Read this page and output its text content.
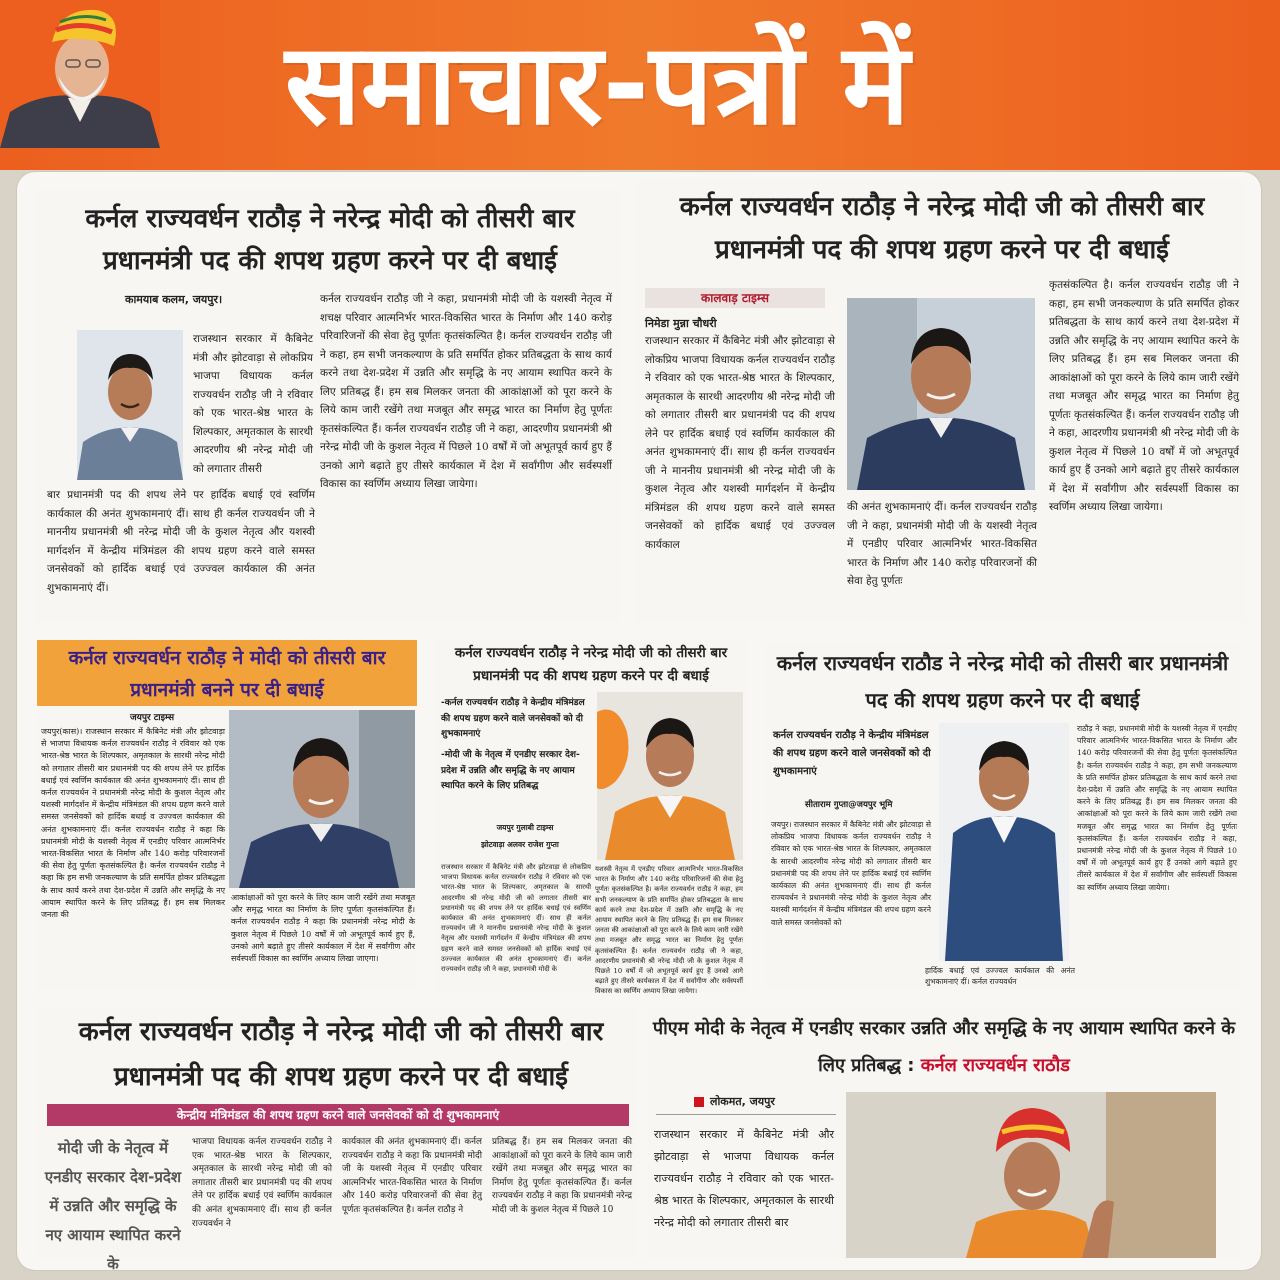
समाचार-पत्रों में
कर्नल राज्यवर्धन राठौड़ ने नरेन्द्र मोदी को तीसरी बार प्रधानमंत्री पद की शपथ ग्रहण करने पर दी बधाई
कामयाब कलम, जयपुर।
राजस्थान सरकार में कैबिनेट मंत्री और झोटवाड़ा से लोकप्रिय भाजपा विधायक कर्नल राज्यवर्धन राठौड़ जी ने रविवार को एक भारत-श्रेष्ठ भारत के शिल्पकार, अमृतकाल के सारथी आदरणीय श्री नरेन्द्र मोदी जी को लगातार तीसरी
बार प्रधानमंत्री पद की शपथ लेने पर हार्दिक बधाई एवं स्वर्णिम कार्यकाल की अनंत शुभकामनाएं दीं। साथ ही कर्नल राज्यवर्धन जी ने माननीय प्रधानमंत्री श्री नरेन्द्र मोदी जी के कुशल नेतृत्व और यशस्वी मार्गदर्शन में केन्द्रीय मंत्रिमंडल की शपथ ग्रहण करने वाले समस्त जनसेवकों को हार्दिक बधाई एवं उज्ज्वल कार्यकाल की अनंत शुभकामनाएं दीं।
कर्नल राज्यवर्धन राठौड़ जी ने कहा, प्रधानमंत्री मोदी जी के यशस्वी नेतृत्व में शचक्ष परिवार आत्मनिर्भर भारत-विकसित भारत के निर्माण और 140 करोड़ परिवारिजनों की सेवा हेतु पूर्णतः कृतसंकल्पित है। कर्नल राज्यवर्धन राठौड़ जी ने कहा, हम सभी जनकल्याण के प्रति समर्पित होकर प्रतिबद्धता के साथ कार्य करने तथा देश-प्रदेश में उन्नति और समृद्धि के नए आयाम स्थापित करने के लिए प्रतिबद्ध हैं। हम सब मिलकर जनता की आकांक्षाओं को पूरा करने के लिये काम जारी रखेंगे तथा मजबूत और समृद्ध भारत का निर्माण हेतु पूर्णतः कृतसंकल्पित हैं। कर्नल राज्यवर्धन राठौड़ जी ने कहा, आदरणीय प्रधानमंत्री श्री नरेन्द्र मोदी जी के कुशल नेतृत्व में पिछले 10 वर्षों में जो अभूतपूर्व कार्य हुए हैं उनको आगे बढ़ाते हुए तीसरे कार्यकाल में देश में सर्वांगीण और सर्वस्पर्शी विकास का स्वर्णिम अध्याय लिखा जायेगा।
कर्नल राज्यवर्धन राठौड़ ने नरेन्द्र मोदी जी को तीसरी बार प्रधानमंत्री पद की शपथ ग्रहण करने पर दी बधाई
कालवाड़ टाइम्स
निमेडा मुन्ना चौधरी
राजस्थान सरकार में कैबिनेट मंत्री और झोटवाड़ा से लोकप्रिय भाजपा विधायक कर्नल राज्यवर्धन राठौड़ ने रविवार को एक भारत-श्रेष्ठ भारत के शिल्पकार, अमृतकाल के सारथी आदरणीय श्री नरेन्द्र मोदी जी को लगातार तीसरी बार प्रधानमंत्री पद की शपथ लेने पर हार्दिक बधाई एवं स्वर्णिम कार्यकाल की अनंत शुभकामनाएं दीं। साथ ही कर्नल राज्यवर्धन जी ने माननीय प्रधानमंत्री श्री नरेन्द्र मोदी जी के कुशल नेतृत्व और यशस्वी मार्गदर्शन में केन्द्रीय मंत्रिमंडल की शपथ ग्रहण करने वाले समस्त जनसेवकों को हार्दिक बधाई एवं उज्ज्वल कार्यकाल
की अनंत शुभकामनाएं दीं। कर्नल राज्यवर्धन राठौड़ जी ने कहा, प्रधानमंत्री मोदी जी के यशस्वी नेतृत्व में एनडीए परिवार आत्मनिर्भर भारत-विकसित भारत के निर्माण और 140 करोड़ परिवारजनों की सेवा हेतु पूर्णतः
कृतसंकल्पित है। कर्नल राज्यवर्धन राठौड़ जी ने कहा, हम सभी जनकल्याण के प्रति समर्पित होकर प्रतिबद्धता के साथ कार्य करने तथा देश-प्रदेश में उन्नति और समृद्धि के नए आयाम स्थापित करने के लिए प्रतिबद्ध हैं। हम सब मिलकर जनता की आकांक्षाओं को पूरा करने के लिये काम जारी रखेंगे तथा मजबूत और समृद्ध भारत का निर्माण हेतु पूर्णतः कृतसंकल्पित हैं। कर्नल राज्यवर्धन राठौड़ जी ने कहा, आदरणीय प्रधानमंत्री श्री नरेन्द्र मोदी जी के कुशल नेतृत्व में पिछले 10 वर्षों में जो अभूतपूर्व कार्य हुए हैं उनको आगे बढ़ाते हुए तीसरे कार्यकाल में देश में सर्वांगीण और सर्वस्पर्शी विकास का स्वर्णिम अध्याय लिखा जायेगा।
कर्नल राज्यवर्धन राठौड़ ने मोदी को तीसरी बार प्रधानमंत्री बनने पर दी बधाई
जयपुर टाइम्स
जयपुर(कास)। राजस्थान सरकार में कैबिनेट मंत्री और झोटवाड़ा से भाजपा विधायक कर्नल राज्यवर्धन राठौड़ ने रविवार को एक भारत-श्रेष्ठ भारत के शिल्पकार, अमृतकाल के सारथी नरेन्द्र मोदी को लगातार तीसरी बार प्रधानमंत्री पद की शपथ लेने पर हार्दिक बधाई एवं स्वर्णिम कार्यकाल की अनंत शुभकामनाएं दीं। साथ ही कर्नल राज्यवर्धन ने प्रधानमंत्री नरेन्द्र मोदी के कुशल नेतृत्व और यशस्वी मार्गदर्शन में केन्द्रीय मंत्रिमंडल की शपथ ग्रहण करने वाले समस्त जनसेवकों को हार्दिक बधाई व उज्ज्वल कार्यकाल की अनंत शुभकामनाएं दीं। कर्नल राज्यवर्धन राठौड़ ने कहा कि प्रधानमंत्री मोदी के यशस्वी नेतृत्व में एनडीए परिवार आत्मनिर्भर भारत-विकसित भारत के निर्माण और 140 करोड़ परिवारजनों की सेवा हेतु पूर्णतः कृतसंकल्पित है। कर्नल राज्यवर्धन राठौड़ ने कहा कि हम सभी जनकल्याण के प्रति समर्पित होकर प्रतिबद्धता के साथ कार्य करने तथा देश-प्रदेश में उन्नति और समृद्धि के नए आयाम स्थापित करने के लिए प्रतिबद्ध हैं। हम सब मिलकर जनता की
आकांक्षाओं को पूरा करने के लिए काम जारी रखेंगे तथा मजबूत और समृद्ध भारत का निर्माण के लिए पूर्णतः कृतसंकल्पित हैं। कर्नल राज्यवर्धन राठौड़ ने कहा कि प्रधानमंत्री नरेन्द्र मोदी के कुशल नेतृत्व में पिछले 10 वर्षों में जो अभूतपूर्व कार्य हुए हैं, उनको आगे बढ़ाते हुए तीसरे कार्यकाल में देश में सर्वांगीण और सर्वस्पर्शी विकास का स्वर्णिम अध्याय लिखा जाएगा।
कर्नल राज्यवर्धन राठौड़ ने नरेन्द्र मोदी जी को तीसरी बार प्रधानमंत्री पद की शपथ ग्रहण करने पर दी बधाई
-कर्नल राज्यवर्धन राठौड़ ने केन्द्रीय मंत्रिमंडल की शपथ ग्रहण करने वाले जनसेवकों को दी शुभकामनाएं
-मोदी जी के नेतृत्व में एनडीए सरकार देश-प्रदेश में उन्नति और समृद्धि के नए आयाम स्थापित करने के लिए प्रतिबद्ध
जयपुर गुलाबी टाइम्स
झोटवाड़ा अलवर राजेश गुप्ता
राजस्थान सरकार में कैबिनेट मंत्री और झोटवाड़ा से लोकप्रिय भाजपा विधायक कर्नल राज्यवर्धन राठौड़ ने रविवार को एक भारत-श्रेष्ठ भारत के शिल्पकार, अमृतकाल के सारथी आदरणीय श्री नरेन्द्र मोदी जी को लगातार तीसरी बार प्रधानमंत्री पद की शपथ लेने पर हार्दिक बधाई एवं स्वर्णिम कार्यकाल की अनंत शुभकामनाएं दीं। साथ ही कर्नल राज्यवर्धन जी ने माननीय प्रधानमंत्री नरेन्द्र मोदी के कुशल नेतृत्व और यशस्वी मार्गदर्शन में केन्द्रीय मंत्रिमंडल की शपथ ग्रहण करने वाले समस्त जनसेवकों को हार्दिक बधाई एवं उज्ज्वल कार्यकाल की अनंत शुभकामनाएं दीं। कर्नल राज्यवर्धन राठौड़ जी ने कहा, प्रधानमंत्री मोदी के
यशस्वी नेतृत्व में एनडीए परिवार आत्मनिर्भर भारत-विकसित भारत के निर्माण और 140 करोड़ परिवारिजनों की सेवा हेतु पूर्णतः कृतसंकल्पित है। कर्नल राज्यवर्धन राठौड़ ने कहा, हम सभी जनकल्याण के प्रति समर्पित होकर प्रतिबद्धता के साथ कार्य करने तथा देश-प्रदेश में उन्नति और समृद्धि के नए आयाम स्थापित करने के लिए प्रतिबद्ध हैं। हम सब मिलकर जनता की आकांक्षाओं को पूरा करने के लिये काम जारी रखेंगे तथा मजबूत और समृद्ध भारत का निर्माण हेतु पूर्णतः कृतसंकल्पित हैं। कर्नल राज्यवर्धन राठौड़ जी ने कहा, आदरणीय प्रधानमंत्री श्री नरेन्द्र मोदी जी के कुशल नेतृत्व में पिछले 10 वर्षों में जो अभूतपूर्व कार्य हुए हैं उनको आगे बढ़ाते हुए तीसरे कार्यकाल में देश में सर्वांगीण और सर्वस्पर्शी विकास का स्वर्णिम अध्याय लिखा जायेगा।
कर्नल राज्यवर्धन राठौड ने नरेन्द्र मोदी को तीसरी बार प्रधानमंत्री पद की शपथ ग्रहण करने पर दी बधाई
कर्नल राज्यवर्धन राठौड़ ने केन्द्रीय मंत्रिमंडल की शपथ ग्रहण करने वाले जनसेवकों को दी शुभकामनाएं
सीताराम गुप्ता@जयपुर भूमि
जयपुर। राजस्थान सरकार में कैबिनेट मंत्री और झोटवाड़ा से लोकप्रिय भाजपा विधायक कर्नल राज्यवर्धन राठौड़ ने रविवार को एक भारत-श्रेष्ठ भारत के शिल्पकार, अमृतकाल के सारथी आदरणीय नरेन्द्र मोदी को लगातार तीसरी बार प्रधानमंत्री पद की शपथ लेने पर हार्दिक बधाई एवं स्वर्णिम कार्यकाल की अनंत शुभकामनाएं दीं। साथ ही कर्नल राज्यवर्धन ने प्रधानमंत्री नरेन्द्र मोदी के कुशल नेतृत्व और यशस्वी मार्गदर्शन में केन्द्रीय मंत्रिमंडल की शपथ ग्रहण करने वाले समस्त जनसेवकों को
हार्दिक बधाई एवं उज्ज्वल कार्यकाल की अनंत शुभकामनाएं दीं। कर्नल राज्यवर्धन
राठौड़ ने कहा, प्रधानमंत्री मोदी के यशस्वी नेतृत्व में एनडीए परिवार आत्मनिर्भर भारत-विकसित भारत के निर्माण और 140 करोड़ परिवारजनों की सेवा हेतु पूर्णतः कृतसंकल्पित है। कर्नल राज्यवर्धन राठौड़ ने कहा, हम सभी जनकल्याण के प्रति समर्पित होकर प्रतिबद्धता के साथ कार्य करने तथा देश-प्रदेश में उन्नति और समृद्धि के नए आयाम स्थापित करने के लिए प्रतिबद्ध हैं। हम सब मिलकर जनता की आकांक्षाओं को पूरा करने के लिये काम जारी रखेंगे तथा मजबूत और समृद्ध भारत का निर्माण हेतु पूर्णतः कृतसंकल्पित हैं। कर्नल राज्यवर्धन राठौड़ ने कहा, प्रधानमंत्री नरेन्द्र मोदी जी के कुशल नेतृत्व में पिछले 10 वर्षों में जो अभूतपूर्व कार्य हुए हैं उनको आगे बढ़ाते हुए तीसरे कार्यकाल में देश में सर्वांगीण और सर्वस्पर्शी विकास का स्वर्णिम अध्याय लिखा जायेगा।
कर्नल राज्यवर्धन राठौड़ ने नरेन्द्र मोदी जी को तीसरी बार प्रधानमंत्री पद की शपथ ग्रहण करने पर दी बधाई
केन्द्रीय मंत्रिमंडल की शपथ ग्रहण करने वाले जनसेवकों को दी शुभकामनाएं
मोदी जी के नेतृत्व में एनडीए सरकार देश-प्रदेश में उन्नति और समृद्धि के नए आयाम स्थापित करने के
भाजपा विधायक कर्नल राज्यवर्धन राठौड़ ने एक भारत-श्रेष्ठ भारत के शिल्पकार, अमृतकाल के सारथी नरेन्द्र मोदी जी को लगातार तीसरी बार प्रधानमंत्री पद की शपथ लेने पर हार्दिक बधाई एवं स्वर्णिम कार्यकाल की अनंत शुभकामनाएं दीं। साथ ही कर्नल राज्यवर्धन ने
कार्यकाल की अनंत शुभकामनाएं दीं। कर्नल राज्यवर्धन राठौड़ ने कहा कि प्रधानमंत्री मोदी जी के यशस्वी नेतृत्व में एनडीए परिवार आत्मनिर्भर भारत-विकसित भारत के निर्माण और 140 करोड़ परिवारजनों की सेवा हेतु पूर्णतः कृतसंकल्पित है। कर्नल राठौड़ ने
प्रतिबद्ध हैं। हम सब मिलकर जनता की आकांक्षाओं को पूरा करने के लिये काम जारी रखेंगे तथा मजबूत और समृद्ध भारत का निर्माण हेतु पूर्णतः कृतसंकल्पित हैं। कर्नल राज्यवर्धन राठौड़ ने कहा कि प्रधानमंत्री नरेन्द्र मोदी जी के कुशल नेतृत्व में पिछले 10
पीएम मोदी के नेतृत्व में एनडीए सरकार उन्नति और समृद्धि के नए आयाम स्थापित करने के लिए प्रतिबद्ध : कर्नल राज्यवर्धन राठौड
लोकमत, जयपुर
राजस्थान सरकार में कैबिनेट मंत्री और झोटवाड़ा से भाजपा विधायक कर्नल राज्यवर्धन राठौड़ ने रविवार को एक भारत-श्रेष्ठ भारत के शिल्पकार, अमृतकाल के सारथी नरेन्द्र मोदी को लगातार तीसरी बार
